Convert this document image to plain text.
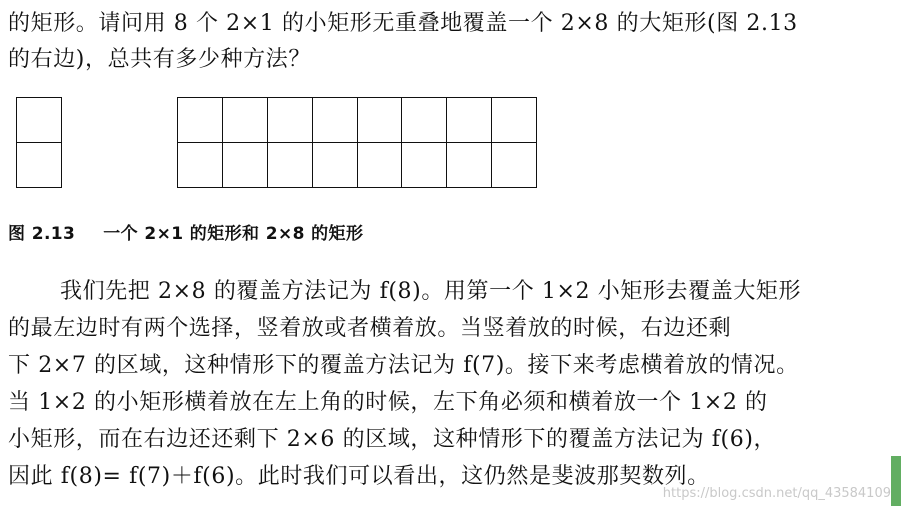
的矩形。请问用 8 个 2×1 的小矩形无重叠地覆盖一个 2×8 的大矩形(图 2.13
的右边)，总共有多少种方法？
图 2.13 一个 2×1 的矩形和 2×8 的矩形
我们先把 2×8 的覆盖方法记为 f(8)。用第一个 1×2 小矩形去覆盖大矩形
的最左边时有两个选择，竖着放或者横着放。当竖着放的时候，右边还剩
下 2×7 的区域，这种情形下的覆盖方法记为 f(7)。接下来考虑横着放的情况。
当 1×2 的小矩形横着放在左上角的时候，左下角必须和横着放一个 1×2 的
小矩形，而在右边还还剩下 2×6 的区域，这种情形下的覆盖方法记为 f(6)，
因此 f(8)= f(7)＋f(6)。此时我们可以看出，这仍然是斐波那契数列。
https://blog.csdn.net/qq_43584109
